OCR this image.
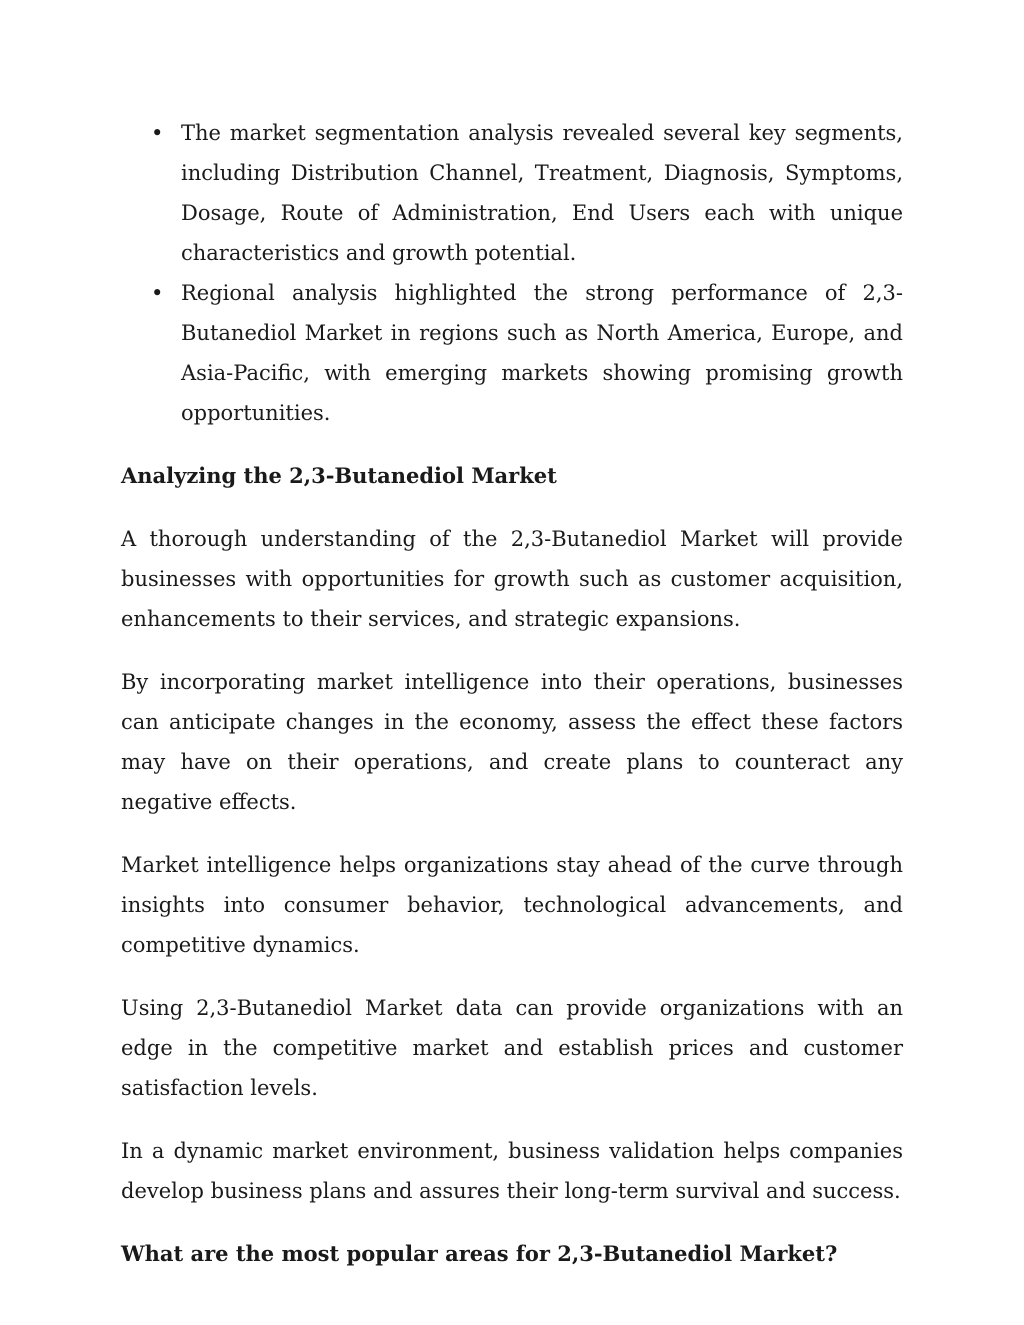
• The market segmentation analysis revealed several key segments, including Distribution Channel, Treatment, Diagnosis, Symptoms, Dosage, Route of Administration, End Users each with unique characteristics and growth potential.
• Regional analysis highlighted the strong performance of 2,3-Butanediol Market in regions such as North America, Europe, and Asia-Pacific, with emerging markets showing promising growth opportunities.
Analyzing the 2,3-Butanediol Market

A thorough understanding of the 2,3-Butanediol Market will provide businesses with opportunities for growth such as customer acquisition, enhancements to their services, and strategic expansions.

By incorporating market intelligence into their operations, businesses can anticipate changes in the economy, assess the effect these factors may have on their operations, and create plans to counteract any negative effects.

Market intelligence helps organizations stay ahead of the curve through insights into consumer behavior, technological advancements, and competitive dynamics.

Using 2,3-Butanediol Market data can provide organizations with an edge in the competitive market and establish prices and customer satisfaction levels.

In a dynamic market environment, business validation helps companies develop business plans and assures their long-term survival and success.

What are the most popular areas for 2,3-Butanediol Market?
